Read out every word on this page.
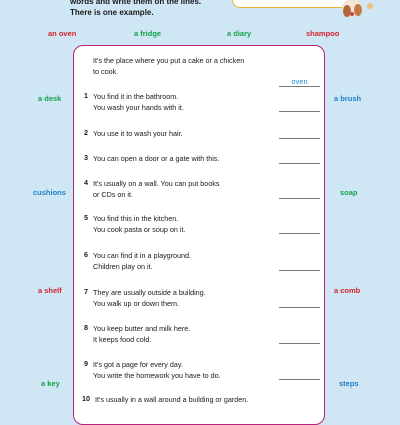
words and write them on the lines.
There is one example.
an oven	a fridge	a diary	shampoo
a desk
cushions
a shelf
a key
a brush
soap
a comb
steps
It's the place where you put a cake or a chicken
to cook.
oven
1 You find it in the bathroom.
You wash your hands with it.
2 You use it to wash your hair.
3 You can open a door or a gate with this.
4 It's usually on a wall. You can put books
or CDs on it.
5 You find this in the kitchen.
You cook pasta or soup on it.
6 You can find it in a playground.
Children play on it.
7 They are usually outside a building.
You walk up or down them.
8 You keep butter and milk here.
It keeps food cold.
9 It's got a page for every day.
You write the homework you have to do.
10 It's usually in a wall around a building or garden.
